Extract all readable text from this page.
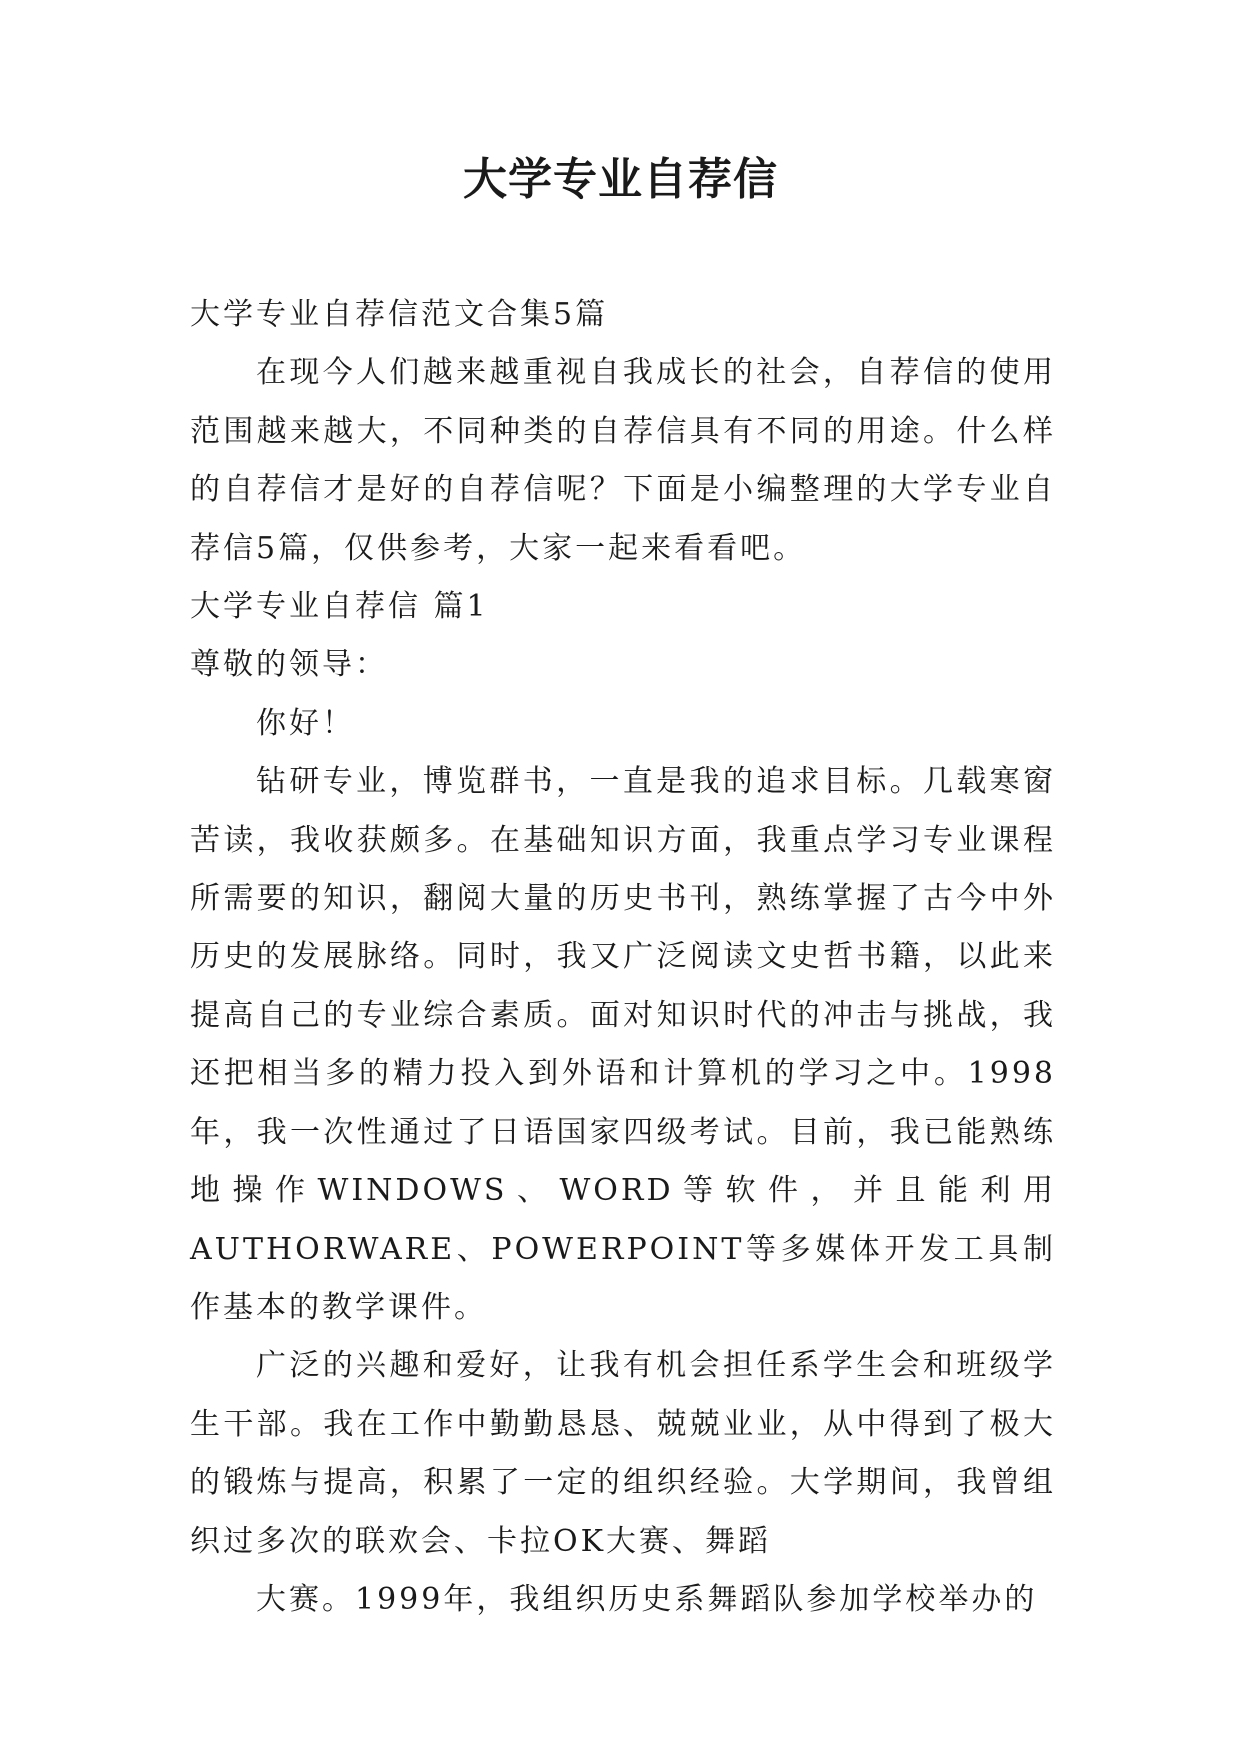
大学专业自荐信

大学专业自荐信范文合集5篇

在现今人们越来越重视自我成长的社会，自荐信的使用范围越来越大，不同种类的自荐信具有不同的用途。什么样的自荐信才是好的自荐信呢？下面是小编整理的大学专业自荐信5篇，仅供参考，大家一起来看看吧。

大学专业自荐信 篇1

尊敬的领导：

你好！

钻研专业，博览群书，一直是我的追求目标。几载寒窗苦读，我收获颇多。在基础知识方面，我重点学习专业课程所需要的知识，翻阅大量的历史书刊，熟练掌握了古今中外历史的发展脉络。同时，我又广泛阅读文史哲书籍，以此来提高自己的专业综合素质。面对知识时代的冲击与挑战，我还把相当多的精力投入到外语和计算机的学习之中。1998年，我一次性通过了日语国家四级考试。目前，我已能熟练地操作WINDOWS、WORD等软件，并且能利用AUTHORWARE、POWERPOINT等多媒体开发工具制作基本的教学课件。

广泛的兴趣和爱好，让我有机会担任系学生会和班级学生干部。我在工作中勤勤恳恳、兢兢业业，从中得到了极大的锻炼与提高，积累了一定的组织经验。大学期间，我曾组织过多次的联欢会、卡拉OK大赛、舞蹈

大赛。1999年，我组织历史系舞蹈队参加学校举办的
